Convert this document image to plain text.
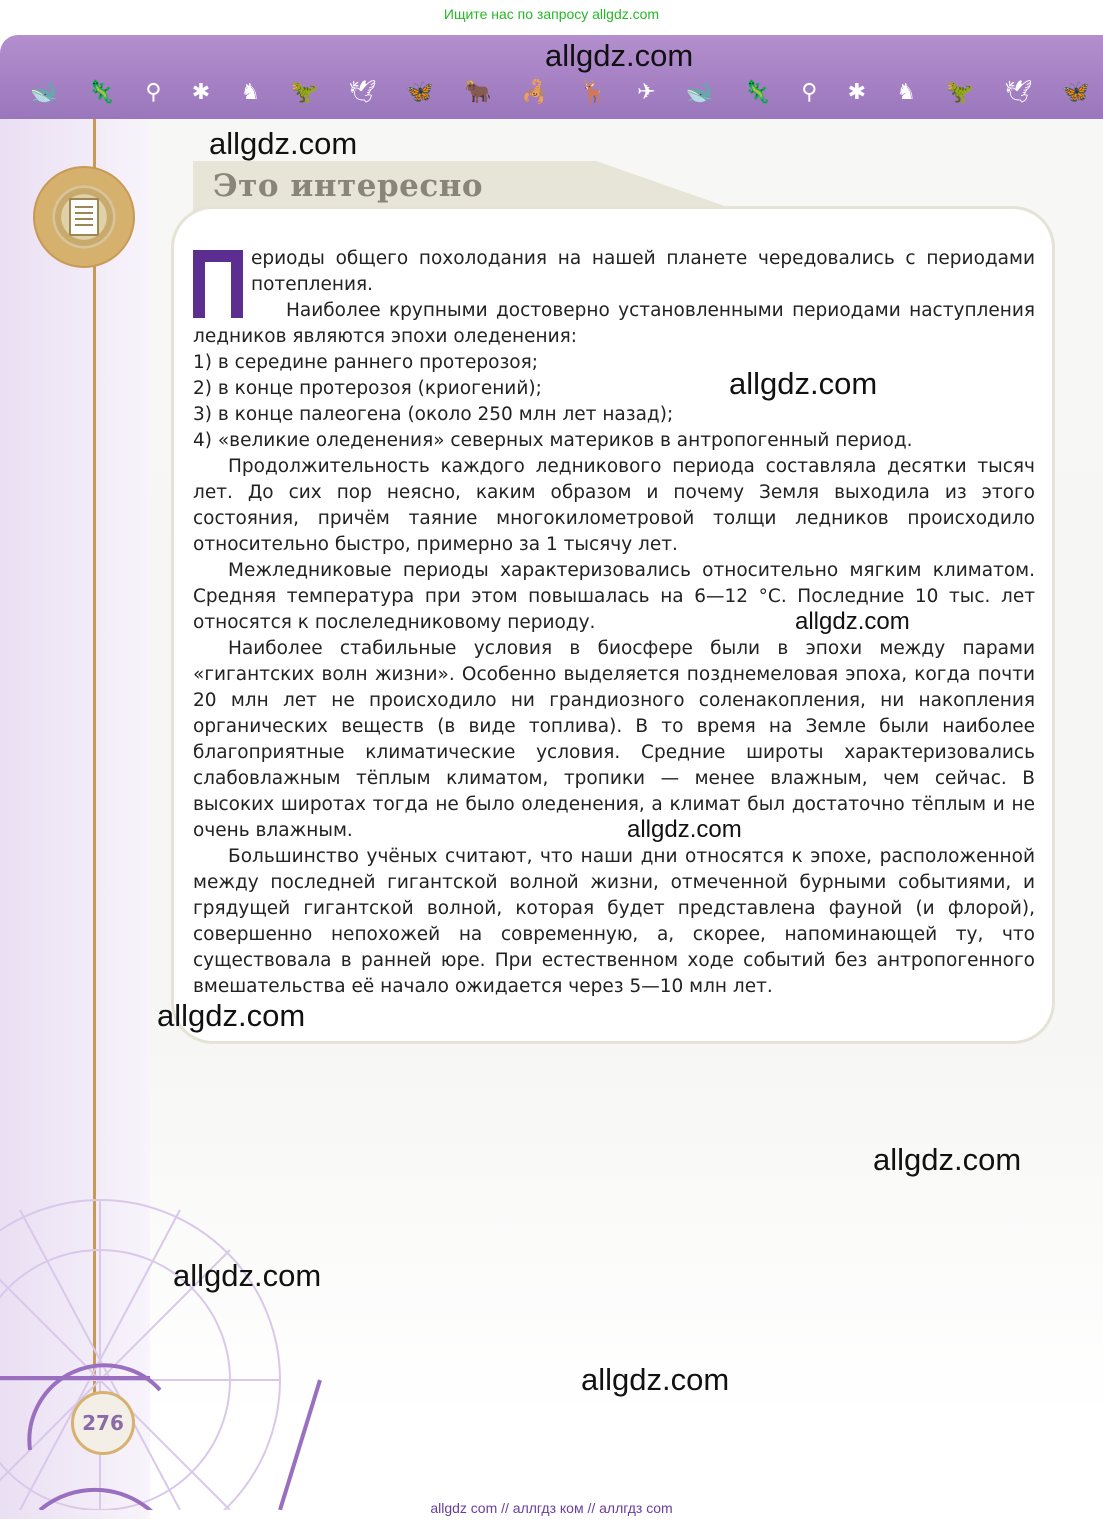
Ищите нас по запросу allgdz.com
🐋 🦎 ⚲ ✱ ♞ 🦖 🕊 🦋 🐂 🦂 🦌 ✈ 🐋 🦎 ⚲ ✱ ♞ 🦖 🕊 🦋
Это интересно

ериоды общего похолодания на нашей планете чередовались с периодами потепления.

Наиболее крупными достоверно установленными периодами наступления ледников являются эпохи оледенения:

1) в середине раннего протерозоя;
2) в конце протерозоя (криогений);
3) в конце палеогена (около 250 млн лет назад);
4) «великие оледенения» северных материков в антропогенный период.

Продолжительность каждого ледникового периода составляла десятки тысяч лет. До сих пор неясно, каким образом и почему Земля выходила из этого состояния, причём таяние многокилометровой толщи ледников происходило относительно быстро, примерно за 1 тысячу лет.

Межледниковые периоды характеризовались относительно мягким климатом. Средняя температура при этом повышалась на 6—12 °C. Последние 10 тыс. лет относятся к послеледниковому периоду.

Наиболее стабильные условия в биосфере были в эпохи между парами «гигантских волн жизни». Особенно выделяется позднемеловая эпоха, когда почти 20 млн лет не происходило ни грандиозного соленакопления, ни накопления органических веществ (в виде топлива). В то время на Земле были наиболее благоприятные климатические условия. Средние широты характеризовались слабовлажным тёплым климатом, тропики — менее влажным, чем сейчас. В высоких широтах тогда не было оледенения, а климат был достаточно тёплым и не очень влажным.

Большинство учёных считают, что наши дни относятся к эпохе, расположенной между последней гигантской волной жизни, отмеченной бурными событиями, и грядущей гигантской волной, которая будет представлена фауной (и флорой), совершенно непохожей на современную, а, скорее, напоминающей ту, что существовала в ранней юре. При естественном ходе событий без антропогенного вмешательства её начало ожидается через 5—10 млн лет.

276
allgdz.com
allgdz.com
allgdz.com
allgdz.com
allgdz.com
allgdz.com
allgdz.com
allgdz.com
allgdz.com
allgdz com // аллгдз ком // аллгдз com
